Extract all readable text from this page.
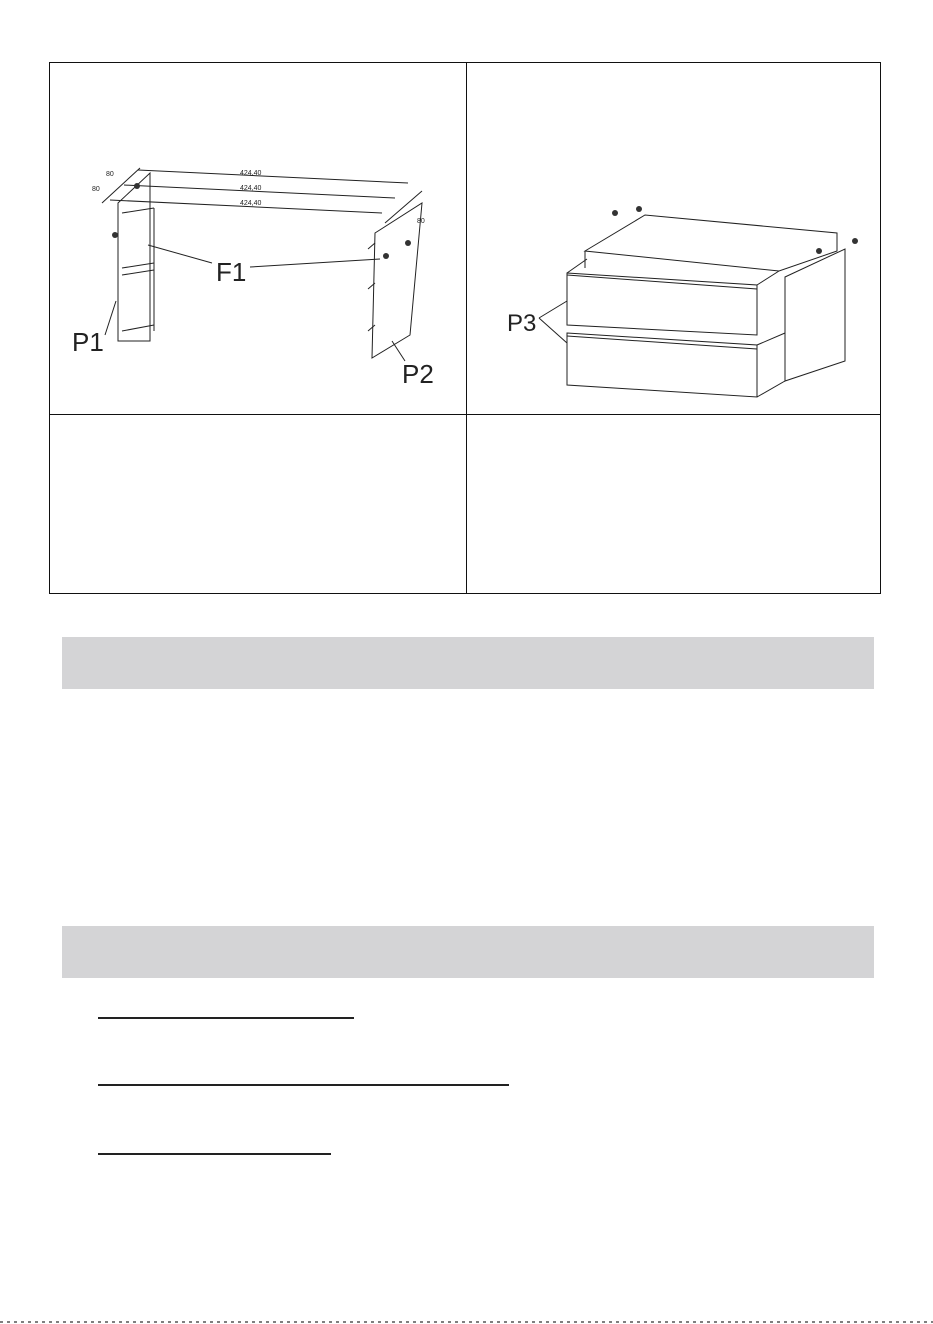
424,40
424,40
424,40
80
80
80
F1
P1
P2
P3
